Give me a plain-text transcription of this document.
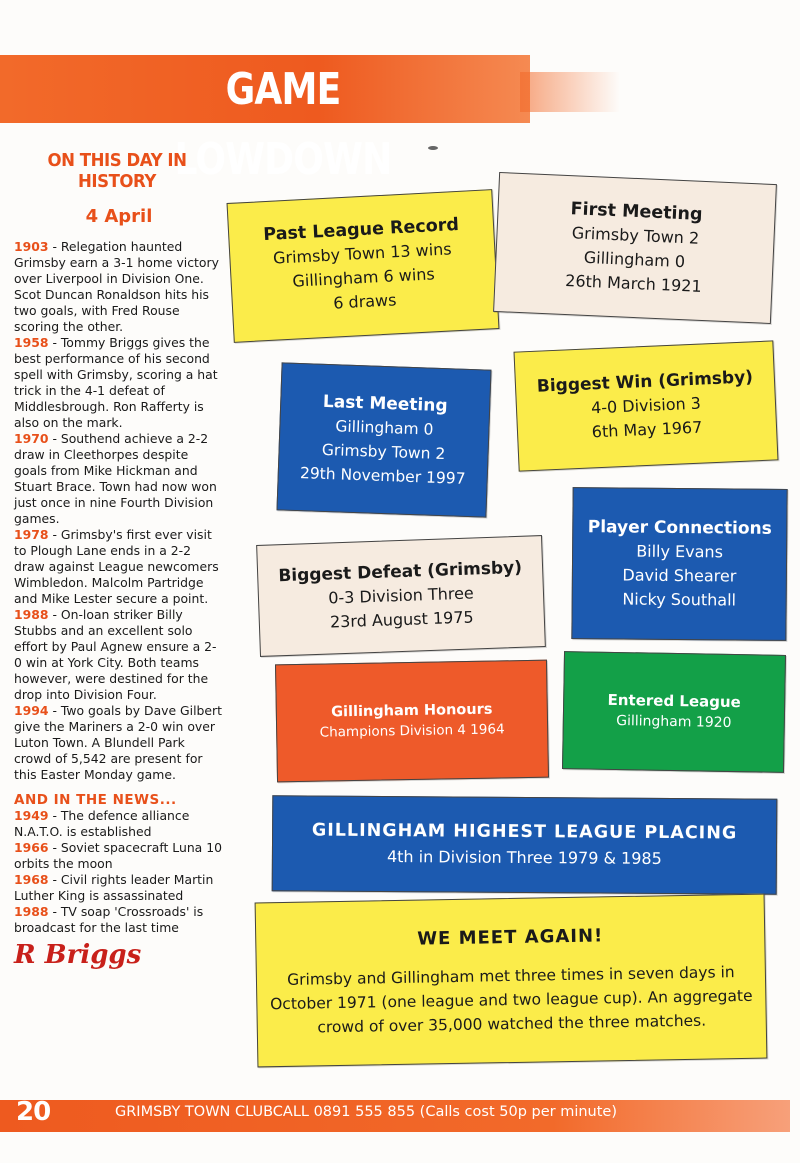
GAME LOWDOWN
ON THIS DAY IN HISTORY
4 April

1903 - Relegation haunted Grimsby earn a 3-1 home victory over Liverpool in Division One. Scot Duncan Ronaldson hits his two goals, with Fred Rouse scoring the other.

1958 - Tommy Briggs gives the best performance of his second spell with Grimsby, scoring a hat trick in the 4-1 defeat of Middlesbrough. Ron Rafferty is also on the mark.

1970 - Southend achieve a 2-2 draw in Cleethorpes despite goals from Mike Hickman and Stuart Brace. Town had now won just once in nine Fourth Division games.

1978 - Grimsby's first ever visit to Plough Lane ends in a 2-2 draw against League newcomers Wimbledon. Malcolm Partridge and Mike Lester secure a point.

1988 - On-loan striker Billy Stubbs and an excellent solo effort by Paul Agnew ensure a 2-0 win at York City. Both teams however, were destined for the drop into Division Four.

1994 - Two goals by Dave Gilbert give the Mariners a 2-0 win over Luton Town. A Blundell Park crowd of 5,542 are present for this Easter Monday game.

AND IN THE NEWS...

1949 - The defence alliance N.A.T.O. is established

1966 - Soviet spacecraft Luna 10 orbits the moon

1968 - Civil rights leader Martin Luther King is assassinated

1988 - TV soap 'Crossroads' is broadcast for the last time

R Briggs
Past League Record
Grimsby Town 13 wins
Gillingham 6 wins
6 draws
First Meeting
Grimsby Town 2
Gillingham 0
26th March 1921
Last Meeting
Gillingham 0
Grimsby Town 2
29th November 1997
Biggest Win (Grimsby)
4-0 Division 3
6th May 1967
Player Connections
Billy Evans
David Shearer
Nicky Southall
Biggest Defeat (Grimsby)
0-3 Division Three
23rd August 1975
Gillingham Honours
Champions Division 4 1964
Entered League
Gillingham 1920
GILLINGHAM HIGHEST LEAGUE PLACING
4th in Division Three 1979 & 1985
WE MEET AGAIN!
Grimsby and Gillingham met three times in seven days in October 1971 (one league and two league cup). An aggregate crowd of over 35,000 watched the three matches.
20	GRIMSBY TOWN CLUBCALL 0891 555 855 (Calls cost 50p per minute)
